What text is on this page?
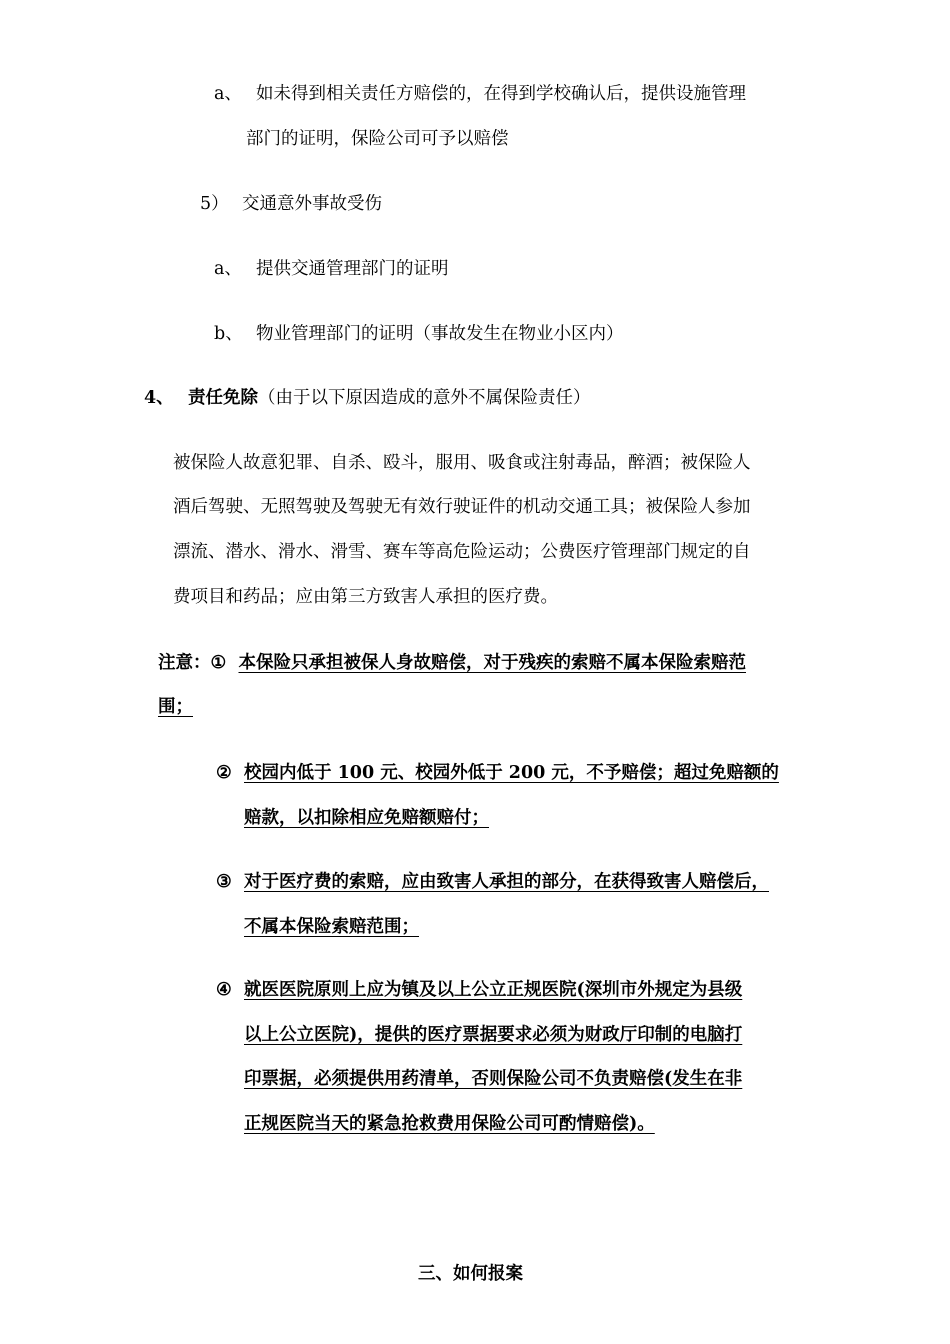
a、 如未得到相关责任方赔偿的，在得到学校确认后，提供设施管理
部门的证明，保险公司可予以赔偿
5） 交通意外事故受伤
a、 提供交通管理部门的证明
b、 物业管理部门的证明（事故发生在物业小区内）
4、 责任免除（由于以下原因造成的意外不属保险责任）
被保险人故意犯罪、自杀、殴斗，服用、吸食或注射毒品，醉酒；被保险人
酒后驾驶、无照驾驶及驾驶无有效行驶证件的机动交通工具；被保险人参加
漂流、潜水、滑水、滑雪、赛车等高危险运动；公费医疗管理部门规定的自
费项目和药品；应由第三方致害人承担的医疗费。
注意：① 本保险只承担被保人身故赔偿，对于残疾的索赔不属本保险索赔范
围；
② 校园内低于 100 元、校园外低于 200 元，不予赔偿；超过免赔额的
赔款，以扣除相应免赔额赔付；
③ 对于医疗费的索赔，应由致害人承担的部分，在获得致害人赔偿后，
不属本保险索赔范围；
④ 就医医院原则上应为镇及以上公立正规医院(深圳市外规定为县级
以上公立医院)，提供的医疗票据要求必须为财政厅印制的电脑打
印票据，必须提供用药清单，否则保险公司不负责赔偿(发生在非
正规医院当天的紧急抢救费用保险公司可酌情赔偿)。
三、如何报案
